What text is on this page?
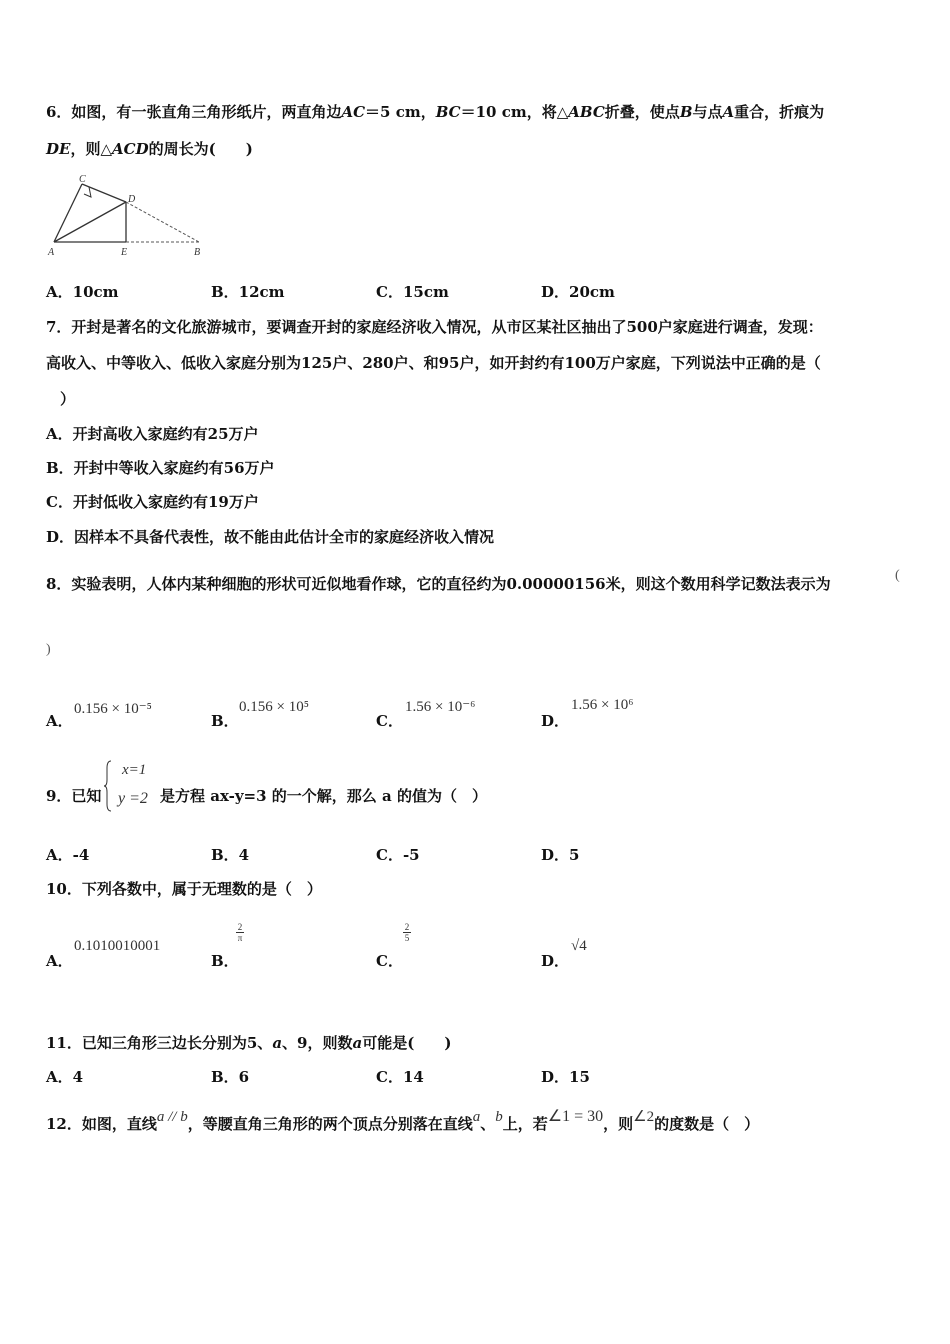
6．如图，有一张直角三角形纸片，两直角边AC＝5 cm，BC＝10 cm，将△ABC折叠，使点B与点A重合，折痕为
DE，则△ACD的周长为(　　)
C
D
A	E	B
A．10cm	B．12cm	C．15cm	D．20cm
7．开封是著名的文化旅游城市，要调查开封的家庭经济收入情况，从市区某社区抽出了500户家庭进行调查，发现：
高收入、中等收入、低收入家庭分别为125户、280户、和95户，如开封约有100万户家庭，下列说法中正确的是（
）
A．开封高收入家庭约有25万户
B．开封中等收入家庭约有56万户
C．开封低收入家庭约有19万户
D．因样本不具备代表性，故不能由此估计全市的家庭经济收入情况
8．实验表明，人体内某种细胞的形状可近似地看作球，它的直径约为0.00000156米，则这个数用科学记数法表示为	(
)
A．
0.156 × 10⁻⁵
B．
0.156 × 10⁵
C．
1.56 × 10⁻⁶
D．
1.56 × 10⁶
9．已知
x=1
y =2 是方程 ax-y=3 的一个解，那么 a 的值为（　）
A．-4	B．4	C．-5	D．5
10．下列各数中，属于无理数的是（　）
A．
0.1010010001
B．
2
π
C．
2
5
D．
√4
11．已知三角形三边长分别为5、a、9，则数a可能是(　　)
A．4	B．6	C．14	D．15
12．如图，直线a // b，等腰直角三角形的两个顶点分别落在直线a、b上，若∠1 = 30，则∠2的度数是（　）
